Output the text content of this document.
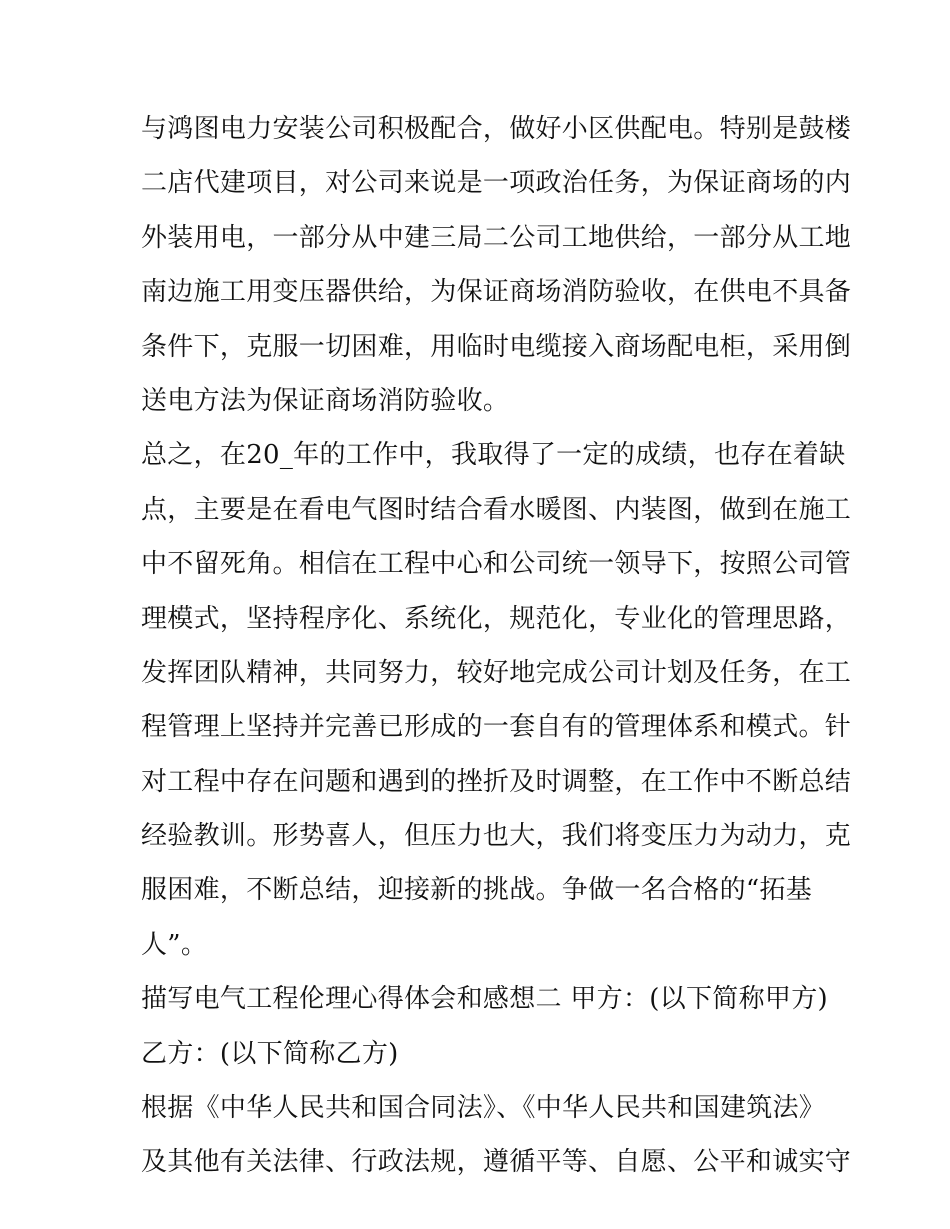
与鸿图电力安装公司积极配合，做好小区供配电。特别是鼓楼
二店代建项目，对公司来说是一项政治任务，为保证商场的内
外装用电，一部分从中建三局二公司工地供给，一部分从工地
南边施工用变压器供给，为保证商场消防验收，在供电不具备
条件下，克服一切困难，用临时电缆接入商场配电柜，采用倒
送电方法为保证商场消防验收。
总之，在20_年的工作中，我取得了一定的成绩，也存在着缺
点，主要是在看电气图时结合看水暖图、内装图，做到在施工
中不留死角。相信在工程中心和公司统一领导下，按照公司管
理模式，坚持程序化、系统化，规范化，专业化的管理思路，
发挥团队精神，共同努力，较好地完成公司计划及任务，在工
程管理上坚持并完善已形成的一套自有的管理体系和模式。针
对工程中存在问题和遇到的挫折及时调整，在工作中不断总结
经验教训。形势喜人，但压力也大，我们将变压力为动力，克
服困难，不断总结，迎接新的挑战。争做一名合格的“拓基
人”。
描写电气工程伦理心得体会和感想二 甲方：(以下简称甲方)
乙方：(以下简称乙方)
根据《中华人民共和国合同法》、《中华人民共和国建筑法》
及其他有关法律、行政法规，遵循平等、自愿、公平和诚实守
